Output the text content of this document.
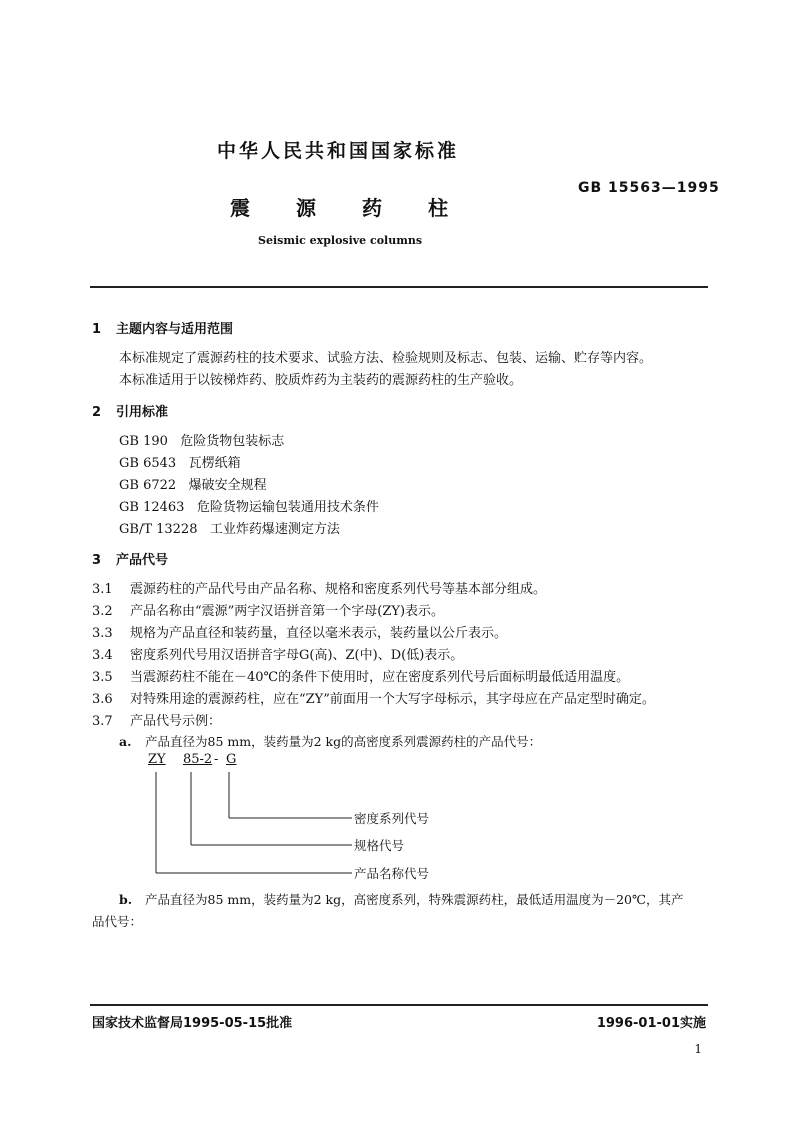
中华人民共和国国家标准
GB 15563—1995
震源药柱
Seismic explosive columns
1 主题内容与适用范围
本标准规定了震源药柱的技术要求、试验方法、检验规则及标志、包装、运输、贮存等内容。
本标准适用于以铵梯炸药、胶质炸药为主装药的震源药柱的生产验收。
2 引用标准
GB 190 危险货物包装标志
GB 6543 瓦楞纸箱
GB 6722 爆破安全规程
GB 12463 危险货物运输包装通用技术条件
GB/T 13228 工业炸药爆速测定方法
3 产品代号
3.1 震源药柱的产品代号由产品名称、规格和密度系列代号等基本部分组成。
3.2 产品名称由“震源”两字汉语拼音第一个字母(ZY)表示。
3.3 规格为产品直径和装药量，直径以毫米表示，装药量以公斤表示。
3.4 密度系列代号用汉语拼音字母G(高)、Z(中)、D(低)表示。
3.5 当震源药柱不能在－40℃的条件下使用时，应在密度系列代号后面标明最低适用温度。
3.6 对特殊用途的震源药柱，应在“ZY”前面用一个大写字母标示，其字母应在产品定型时确定。
3.7 产品代号示例：
a. 产品直径为85 mm，装药量为2 kg的高密度系列震源药柱的产品代号：
ZY 85-2 - G
密度系列代号
规格代号
产品名称代号
b. 产品直径为85 mm，装药量为2 kg，高密度系列，特殊震源药柱，最低适用温度为－20℃，其产
品代号：
国家技术监督局1995-05-15批准	1996-01-01实施
1
